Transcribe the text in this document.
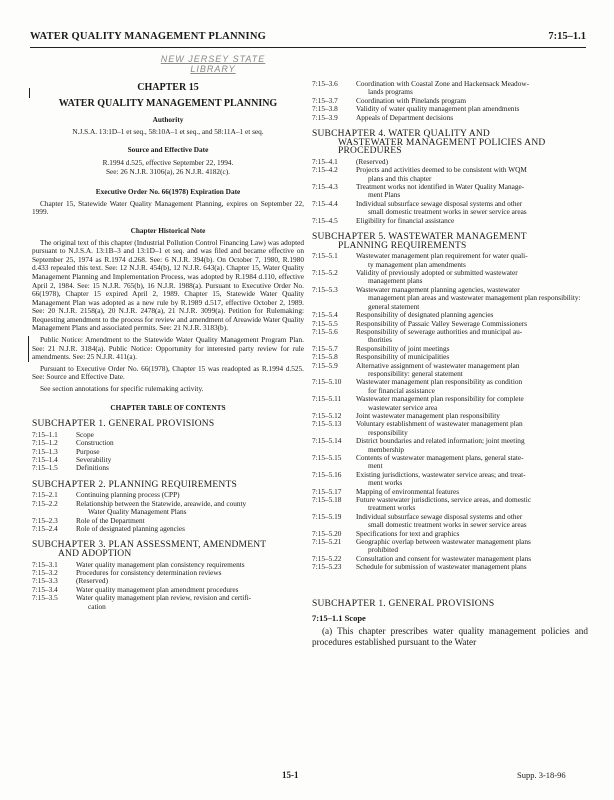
WATER QUALITY MANAGEMENT PLANNING	7:15–1.1
NEW JERSEY STATE LIBRARY
CHAPTER 15
WATER QUALITY MANAGEMENT PLANNING
Authority
N.J.S.A. 13:1D–1 et seq., 58:10A–1 et seq., and 58:11A–1 et seq.
Source and Effective Date
R.1994 d.525, effective September 22, 1994.
See: 26 N.J.R. 3106(a), 26 N.J.R. 4182(c).
Executive Order No. 66(1978) Expiration Date
Chapter 15, Statewide Water Quality Management Planning, expires on September 22, 1999.
Chapter Historical Note
The original text of this chapter (Industrial Pollution Control Financing Law) was adopted pursuant to N.J.S.A. 13:1B–3 and 13:1D–1 et seq. and was filed and became effective on September 25, 1974 as R.1974 d.268. See: 6 N.J.R. 394(b). On October 7, 1980, R.1980 d.433 repealed this text. See: 12 N.J.R. 454(b), 12 N.J.R. 643(a). Chapter 15, Water Quality Management Planning and Implementation Process, was adopted by R.1984 d.110, effective April 2, 1984. See: 15 N.J.R. 765(b), 16 N.J.R. 1988(a). Pursuant to Executive Order No. 66(1978), Chapter 15 expired April 2, 1989. Chapter 15, Statewide Water Quality Management Plan was adopted as a new rule by R.1989 d.517, effective October 2, 1989. See: 20 N.J.R. 2158(a), 20 N.J.R. 2478(a), 21 N.J.R. 3099(a). Petition for Rulemaking: Requesting amendment to the process for review and amendment of Areawide Water Quality Management Plans and associated permits. See: 21 N.J.R. 3183(b).
Public Notice: Amendment to the Statewide Water Quality Management Program Plan. See: 21 N.J.R. 3184(a). Public Notice: Opportunity for interested party review for rule amendments. See: 25 N.J.R. 411(a).
Pursuant to Executive Order No. 66(1978), Chapter 15 was readopted as R.1994 d.525. See: Source and Effective Date.
See section annotations for specific rulemaking activity.
CHAPTER TABLE OF CONTENTS
SUBCHAPTER 1. GENERAL PROVISIONS
7:15–1.1	Scope
7:15–1.2	Construction
7:15–1.3	Purpose
7:15–1.4	Severability
7:15–1.5	Definitions
SUBCHAPTER 2. PLANNING REQUIREMENTS
7:15–2.1	Continuing planning process (CPP)
7:15–2.2	Relationship between the Statewide, areawide, and county
Water Quality Management Plans
7:15–2.3	Role of the Department
7:15–2.4	Role of designated planning agencies
SUBCHAPTER 3. PLAN ASSESSMENT, AMENDMENT
AND ADOPTION
7:15–3.1	Water quality management plan consistency requirements
7:15–3.2	Procedures for consistency determination reviews
7:15–3.3	(Reserved)
7:15–3.4	Water quality management plan amendment procedures
7:15–3.5	Water quality management plan review, revision and certifi-
cation
7:15–3.6	Coordination with Coastal Zone and Hackensack Meadow-
lands programs
7:15–3.7	Coordination with Pinelands program
7:15–3.8	Validity of water quality management plan amendments
7:15–3.9	Appeals of Department decisions
SUBCHAPTER 4. WATER QUALITY AND
WASTEWATER MANAGEMENT POLICIES AND
PROCEDURES
7:15–4.1	(Reserved)
7:15–4.2	Projects and activities deemed to be consistent with WQM
plans and this chapter
7:15–4.3	Treatment works not identified in Water Quality Manage-
ment Plans
7:15–4.4	Individual subsurface sewage disposal systems and other
small domestic treatment works in sewer service areas
7:15–4.5	Eligibility for financial assistance
SUBCHAPTER 5. WASTEWATER MANAGEMENT
PLANNING REQUIREMENTS
7:15–5.1	Wastewater management plan requirement for water quali-
ty management plan amendments
7:15–5.2	Validity of previously adopted or submitted wastewater
management plans
7:15–5.3	Wastewater management planning agencies, wastewater
management plan areas and wastewater management plan responsibility: general statement
7:15–5.4	Responsibility of designated planning agencies
7:15–5.5	Responsibility of Passaic Valley Sewerage Commissioners
7:15–5.6	Responsibility of sewerage authorities and municipal au-
thorities
7:15–5.7	Responsibility of joint meetings
7:15–5.8	Responsibility of municipalities
7:15–5.9	Alternative assignment of wastewater management plan
responsibility: general statement
7:15–5.10	Wastewater management plan responsibility as condition
for financial assistance
7:15–5.11	Wastewater management plan responsibility for complete
wastewater service area
7:15–5.12	Joint wastewater management plan responsibility
7:15–5.13	Voluntary establishment of wastewater management plan
responsibility
7:15–5.14	District boundaries and related information; joint meeting
membership
7:15–5.15	Contents of wastewater management plans, general state-
ment
7:15–5.16	Existing jurisdictions, wastewater service areas; and treat-
ment works
7:15–5.17	Mapping of environmental features
7:15–5.18	Future wastewater jurisdictions, service areas, and domestic
treatment works
7:15–5.19	Individual subsurface sewage disposal systems and other
small domestic treatment works in sewer service areas
7:15–5.20	Specifications for text and graphics
7:15–5.21	Geographic overlap between wastewater management plans
prohibited
7:15–5.22	Consultation and consent for wastewater management plans
7:15–5.23	Schedule for submission of wastewater management plans
SUBCHAPTER 1. GENERAL PROVISIONS
7:15–1.1 Scope
(a) This chapter prescribes water quality management policies and procedures established pursuant to the Water
15-1	Supp. 3-18-96
